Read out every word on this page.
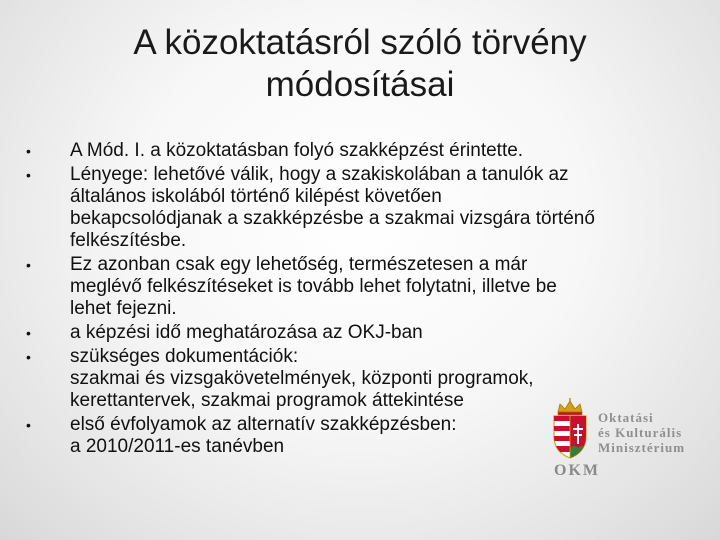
A közoktatásról szóló törvény
módosításai
•	A Mód. I. a közoktatásban folyó szakképzést érintette.
•	Lényege: lehetővé válik, hogy a szakiskolában a tanulók az
általános iskolából történő kilépést követően
bekapcsolódjanak a szakképzésbe a szakmai vizsgára történő
felkészítésbe.
•	Ez azonban csak egy lehetőség, természetesen a már
meglévő felkészítéseket is tovább lehet folytatni, illetve be
lehet fejezni.
•	a képzési idő meghatározása az OKJ-ban
•	szükséges dokumentációk:
szakmai és vizsgakövetelmények, központi programok,
kerettantervek, szakmai programok áttekintése
•	első évfolyamok az alternatív szakképzésben:
a 2010/2011-es tanévben
Oktatási
és Kulturális
Minisztérium
OKM
